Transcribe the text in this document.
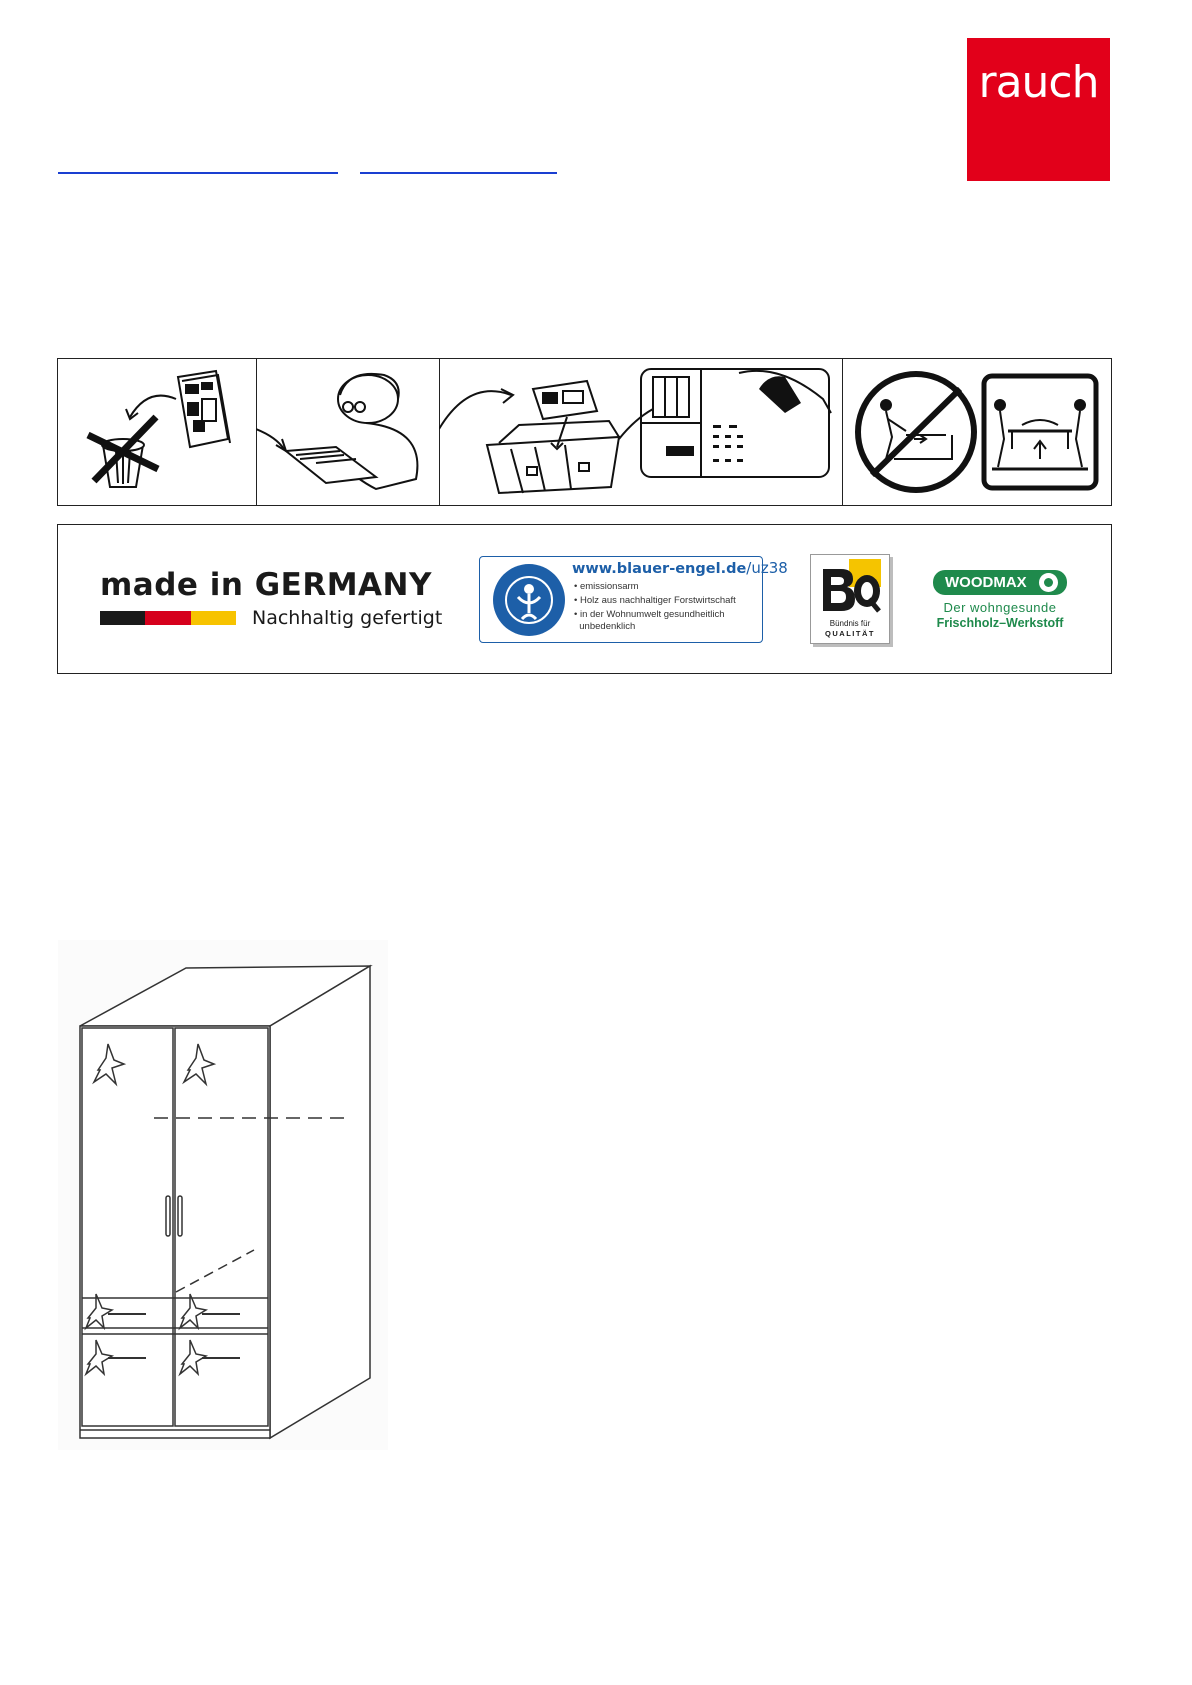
rauch
made in GERMANY
Nachhaltig gefertigt
www.blauer-engel.de/uz38
• emissionsarm
• Holz aus nachhaltiger Forstwirtschaft
• in der Wohnumwelt gesundheitlich
unbedenklich	Bündnis für
QUALITÄT
WOODMAX
Der wohngesunde
Frischholz–Werkstoff
